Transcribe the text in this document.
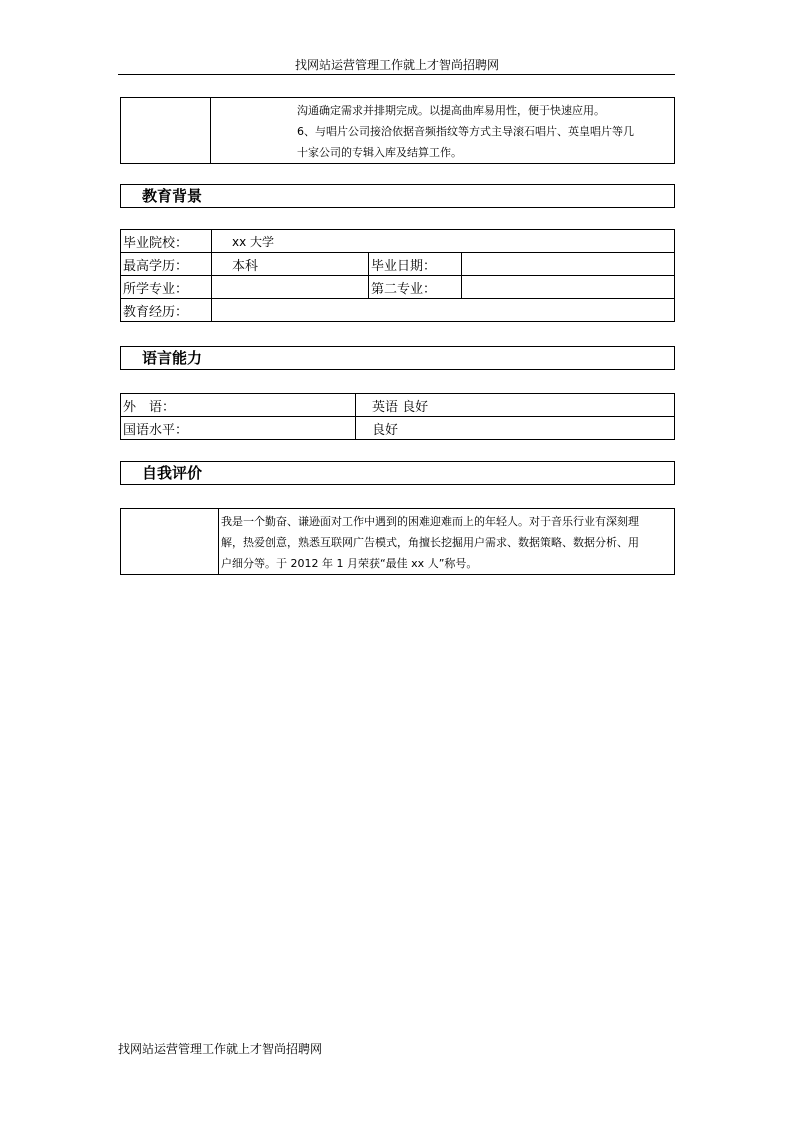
找网站运营管理工作就上才智尚招聘网

沟通确定需求并排期完成。以提高曲库易用性，便于快速应用。
6、与唱片公司接洽依据音频指纹等方式主导滚石唱片、英皇唱片等几
十家公司的专辑入库及结算工作。
教育背景
毕业院校：	xx 大学		
最高学历：	本科	毕业日期：	
所学专业：		第二专业：	
教育经历：			
语言能力
外　语：	英语 良好
国语水平：	良好
自我评价

我是一个勤奋、谦逊面对工作中遇到的困难迎难而上的年轻人。对于音乐行业有深刻理
解，热爱创意，熟悉互联网广告模式，角擅长挖掘用户需求、数据策略、数据分析、用
户细分等。于 2012 年 1 月荣获“最佳 xx 人”称号。
找网站运营管理工作就上才智尚招聘网
